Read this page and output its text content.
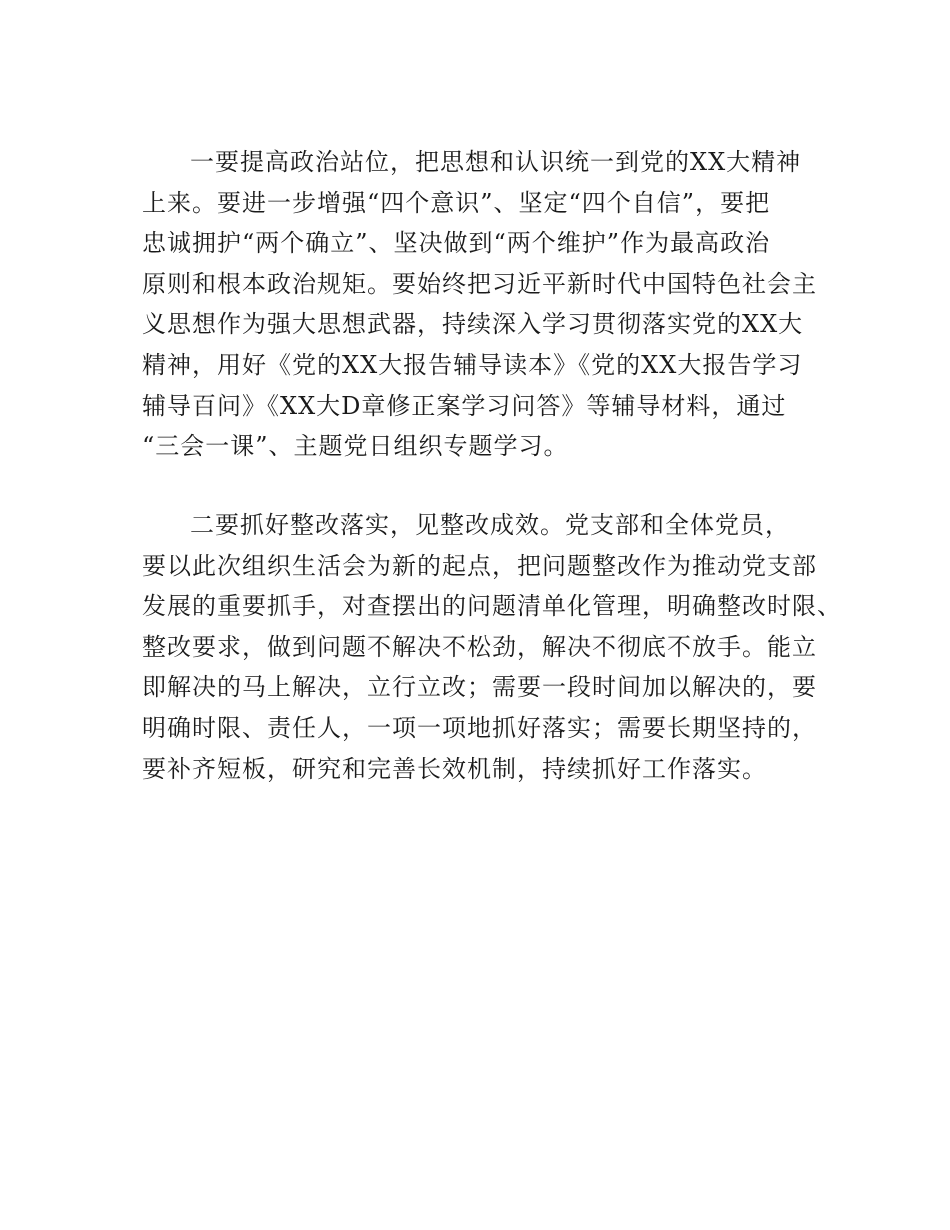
一要提高政治站位，把思想和认识统一到党的XX大精神
上来。要进一步增强“四个意识”、坚定“四个自信”，要把
忠诚拥护“两个确立”、坚决做到“两个维护”作为最高政治
原则和根本政治规矩。要始终把习近平新时代中国特色社会主
义思想作为强大思想武器，持续深入学习贯彻落实党的XX大
精神，用好《党的XX大报告辅导读本》《党的XX大报告学习
辅导百问》《XX大D章修正案学习问答》等辅导材料，通过
“三会一课”、主题党日组织专题学习。
二要抓好整改落实，见整改成效。党支部和全体党员，
要以此次组织生活会为新的起点，把问题整改作为推动党支部
发展的重要抓手，对查摆出的问题清单化管理，明确整改时限、
整改要求，做到问题不解决不松劲，解决不彻底不放手。能立
即解决的马上解决，立行立改；需要一段时间加以解决的，要
明确时限、责任人，一项一项地抓好落实；需要长期坚持的，
要补齐短板，研究和完善长效机制，持续抓好工作落实。
